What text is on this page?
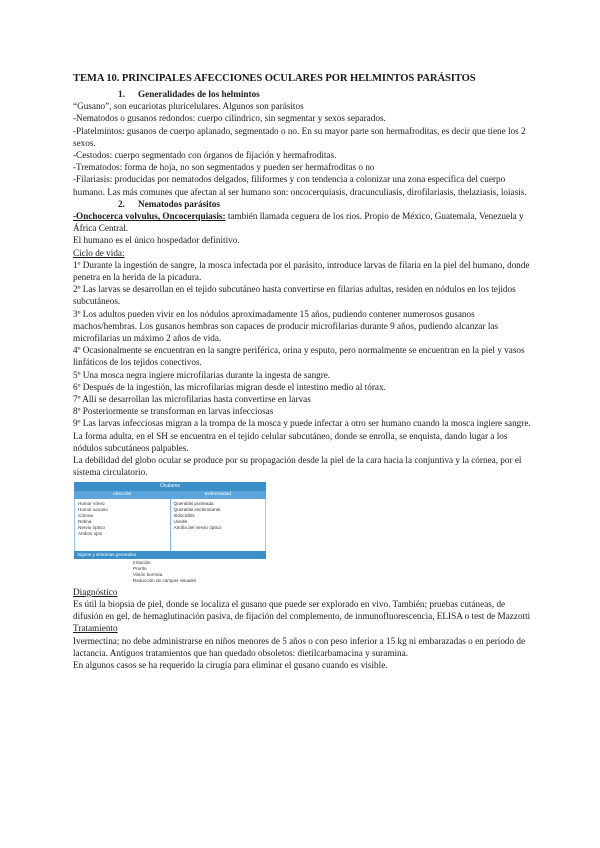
TEMA 10. PRINCIPALES AFECCIONES OCULARES POR HELMINTOS PARÁSITOS
1. Generalidades de los helmintos

“Gusano”, son eucariotas pluricelulares. Algunos son parásitos

-Nematodos o gusanos redondos: cuerpo cilíndrico, sin segmentar y sexos separados.

-Platelmintos: gusanos de cuerpo aplanado, segmentado o no. En su mayor parte son hermafroditas, es decir que tiene los 2 sexos.

-Cestodos: cuerpo segmentado con órganos de fijación y hermafroditas.

-Trematodos: forma de hoja, no son segmentados y pueden ser hermafroditas o no

-Filariasis: producidas por nematodos delgados, filiformes y con tendencia a colonizar una zona específica del cuerpo humano. Las más comunes que afectan al ser humano son: oncocerquiasis, dracunculiasis, dirofilariasis, thelaziasis, loiasis.

2. Nematodos parásitos

-Onchocerca volvulus, Oncocerquiasis: también llamada ceguera de los ríos. Propio de México, Guatemala, Venezuela y África Central.

El humano es el único hospedador definitivo.

Ciclo de vida:

1º Durante la ingestión de sangre, la mosca infectada por el parásito, introduce larvas de filaria en la piel del humano, donde penetra en la herida de la picadura.

2º Las larvas se desarrollan en el tejido subcutáneo hasta convertirse en filarias adultas, residen en nódulos en los tejidos subcutáneos.

3º Los adultos pueden vivir en los nódulos aproximadamente 15 años, pudiendo contener numerosos gusanos machos/hembras. Los gusanos hembras son capaces de producir microfilarias durante 9 años, pudiendo alcanzar las microfilarias un máximo 2 años de vida.

4º Ocasionalmente se encuentran en la sangre periférica, orina y esputo, pero normalmente se encuentran en la piel y vasos linfáticos de los tejidos conectivos.

5º Una mosca negra ingiere microfilarias durante la ingesta de sangre.

6º Después de la ingestión, las microfilarias migran desde el intestino medio al tórax.

7º Allí se desarrollan las microfilarias hasta convertirse en larvas

8º Posteriormente se transforman en larvas infecciosas

9º Las larvas infecciosas migran a la trompa de la mosca y puede infectar a otro ser humano cuando la mosca ingiere sangre.

La forma adulta, en el SH se encuentra en el tejido celular subcutáneo, donde se enrolla, se enquista, dando lugar a los nódulos subcutáneos palpables.

La debilidad del globo ocular se produce por su propagación desde la piel de la cara hacia la conjuntiva y la córnea, por el sistema circulatorio.

Oculares
Afección	Enfermedad
Humor vítreo
Humor acuoso
Córnea
Retina
Nervio óptico
Ambos ojos
Queratitis punteada
Queratitis esclerosante
Iridociclitis
Uveitis
Atrofia del nervio óptico
Signos y síntomas generales
Irritación
Prurito
Visión borrosa
Reducción de campos visuales

Diagnóstico

Es útil la biopsia de piel, donde se localiza el gusano que puede ser explorado en vivo. También; pruebas cutáneas, de difusión en gel, de hemaglutinación pasiva, de fijación del complemento, de inmunofluorescencia, ELISA o test de Mazzotti

Tratamiento

Ivermectina; no debe administrarse en niños menores de 5 años o con peso inferior a 15 kg ni embarazadas o en período de lactancia. Antiguos tratamientos que han quedado obsoletos: dietilcarbamacina y suramina.

En algunos casos se ha requerido la cirugía para eliminar el gusano cuando es visible.
